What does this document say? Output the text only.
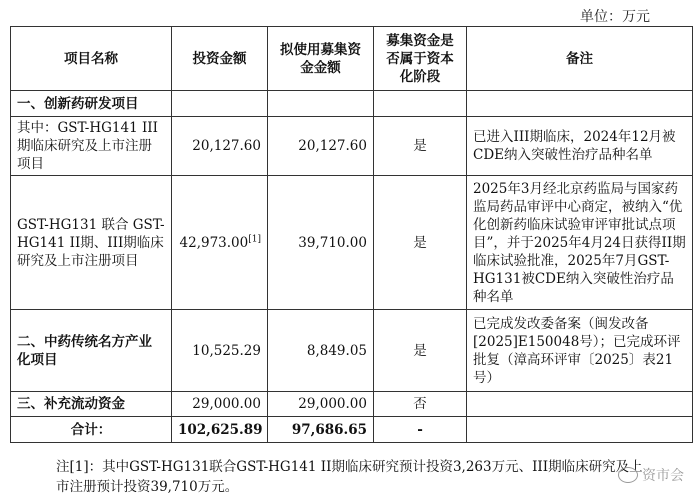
单位：万元
项目名称	投资金额	拟使用募集资金金额	募集资金是否属于资本化阶段	备注
一、创新药研发项目				
其中：GST-HG141 III期临床研究及上市注册项目	20,127.60	20,127.60	是	已进入III期临床，2024年12月被CDE纳入突破性治疗品种名单
GST-HG131 联合 GST-HG141 II期、III期临床研究及上市注册项目	42,973.00[1]	39,710.00	是	2025年3月经北京药监局与国家药监局药品审评中心商定，被纳入“优化创新药临床试验审评审批试点项目”，并于2025年4月24日获得II期临床试验批准，2025年7月GST-HG131被CDE纳入突破性治疗品种名单
二、中药传统名方产业化项目	10,525.29	8,849.05	是	已完成发改委备案（闽发改备[2025]E150048号）；已完成环评批复（漳高环评审〔2025〕表21号）
三、补充流动资金	29,000.00	29,000.00	否	
合计：	102,625.89	97,686.65	-	
注[1]：其中GST-HG131联合GST-HG141 II期临床研究预计投资3,263万元、III期临床研究及上市注册预计投资39,710万元。
资市会
